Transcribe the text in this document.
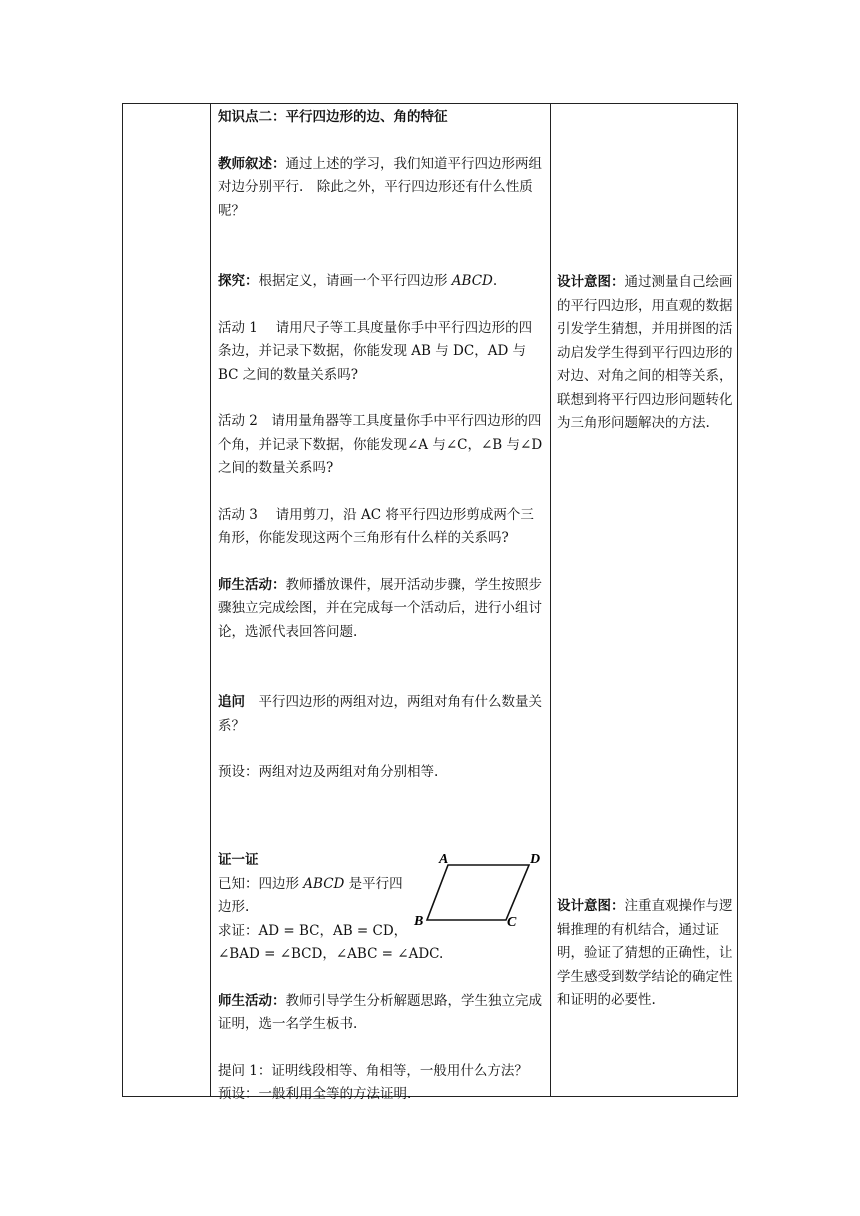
知识点二：平行四边形的边、角的特征

教师叙述：通过上述的学习，我们知道平行四边形两组对边分别平行.　除此之外，平行四边形还有什么性质呢？

探究：根据定义，请画一个平行四边形 ABCD.

活动 1　 请用尺子等工具度量你手中平行四边形的四条边，并记录下数据，你能发现 AB 与 DC，AD 与 BC 之间的数量关系吗?

活动 2　请用量角器等工具度量你手中平行四边形的四个角，并记录下数据，你能发现∠A 与∠C，∠B 与∠D 之间的数量关系吗?

活动 3　 请用剪刀，沿 AC 将平行四边形剪成两个三角形，你能发现这两个三角形有什么样的关系吗?

师生活动：教师播放课件，展开活动步骤，学生按照步骤独立完成绘图，并在完成每一个活动后，进行小组讨论，选派代表回答问题.

追问　平行四边形的两组对边，两组对角有什么数量关系？

预设：两组对边及两组对角分别相等.

证一证

已知：四边形 ABCD 是平行四边形.

求证：AD = BC，AB = CD，

∠BAD = ∠BCD，∠ABC = ∠ADC.

师生活动：教师引导学生分析解题思路，学生独立完成证明，选一名学生板书.

提问 1：证明线段相等、角相等，一般用什么方法？

预设：一般利用全等的方法证明.

A	D
B	C

设计意图：通过测量自己绘画的平行四边形，用直观的数据引发学生猜想，并用拼图的活动启发学生得到平行四边形的对边、对角之间的相等关系，联想到将平行四边形问题转化为三角形问题解决的方法.

设计意图：注重直观操作与逻辑推理的有机结合，通过证明，验证了猜想的正确性，让学生感受到数学结论的确定性和证明的必要性.
